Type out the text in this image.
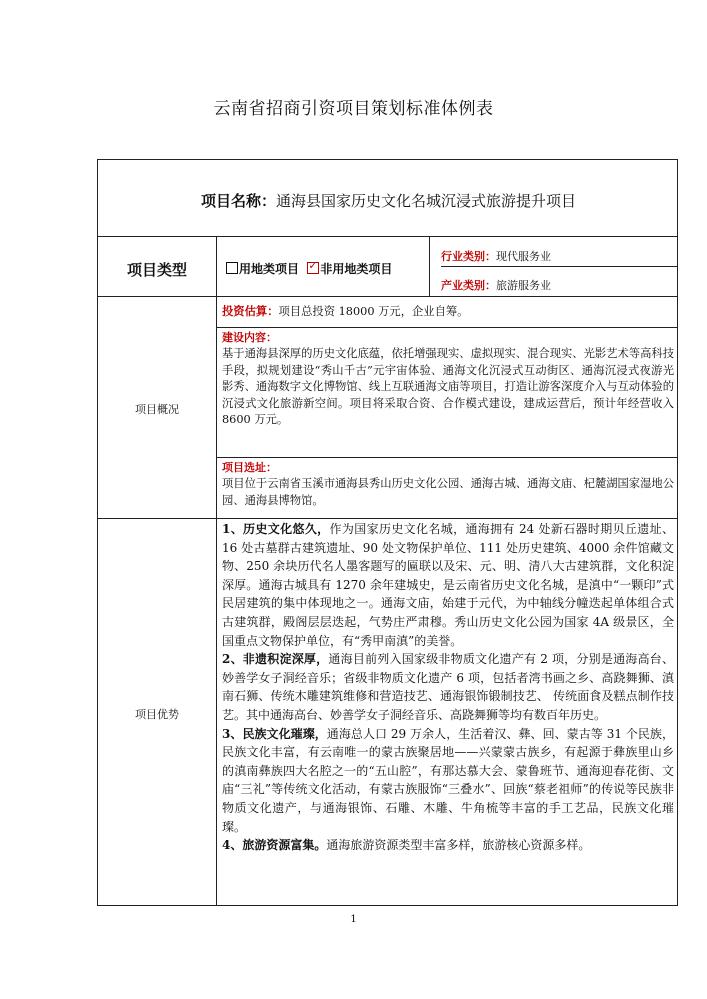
云南省招商引资项目策划标准体例表
项目名称：通海县国家历史文化名城沉浸式旅游提升项目
项目类型	用地类项目  ✓ 非用地类项目
行业类别：现代服务业
产业类别：旅游服务业
项目概况
投资估算：项目总投资 18000 万元，企业自筹。
建设内容：
基于通海县深厚的历史文化底蕴，依托增强现实、虚拟现实、混合现实、光影艺术等高科技手段，拟规划建设“秀山千古”元宇宙体验、通海文化沉浸式互动街区、通海沉浸式夜游光影秀、通海数字文化博物馆、线上互联通海文庙等项目，打造让游客深度介入与互动体验的沉浸式文化旅游新空间。项目将采取合资、合作模式建设，建成运营后，预计年经营收入 8600 万元。
项目选址：
项目位于云南省玉溪市通海县秀山历史文化公园、通海古城、通海文庙、杞麓湖国家湿地公园、通海县博物馆。
项目优势
1、历史文化悠久，作为国家历史文化名城，通海拥有 24 处新石器时期贝丘遗址、16 处古墓群古建筑遗址、90 处文物保护单位、111 处历史建筑、4000 余件馆藏文物、250 余块历代名人墨客题写的匾联以及宋、元、明、清八大古建筑群，文化积淀深厚。通海古城具有 1270 余年建城史，是云南省历史文化名城，是滇中“一颗印”式民居建筑的集中体现地之一。通海文庙，始建于元代，为中轴线分幢迭起单体组合式古建筑群，殿阁层层迭起，气势庄严肃穆。秀山历史文化公园为国家 4A 级景区，全国重点文物保护单位，有“秀甲南滇”的美誉。
2、非遗积淀深厚，通海目前列入国家级非物质文化遗产有 2 项，分别是通海高台、妙善学女子洞经音乐；省级非物质文化遗产 6 项，包括者湾书画之乡、高跷舞狮、滇南石狮、传统木雕建筑维修和营造技艺、通海银饰锻制技艺、 传统面食及糕点制作技艺。其中通海高台、妙善学女子洞经音乐、高跷舞狮等均有数百年历史。
3、民族文化璀璨，通海总人口 29 万余人，生活着汉、彝、回、蒙古等 31 个民族，民族文化丰富，有云南唯一的蒙古族聚居地——兴蒙蒙古族乡，有起源于彝族里山乡的滇南彝族四大名腔之一的“五山腔”，有那达慕大会、蒙鲁班节、通海迎春花街、文庙“三礼”等传统文化活动，有蒙古族服饰“三叠水”、回族“蔡老祖师”的传说等民族非物质文化遗产，与通海银饰、石雕、木雕、牛角梳等丰富的手工艺品，民族文化璀璨。
4、旅游资源富集。通海旅游资源类型丰富多样，旅游核心资源多样。
1
